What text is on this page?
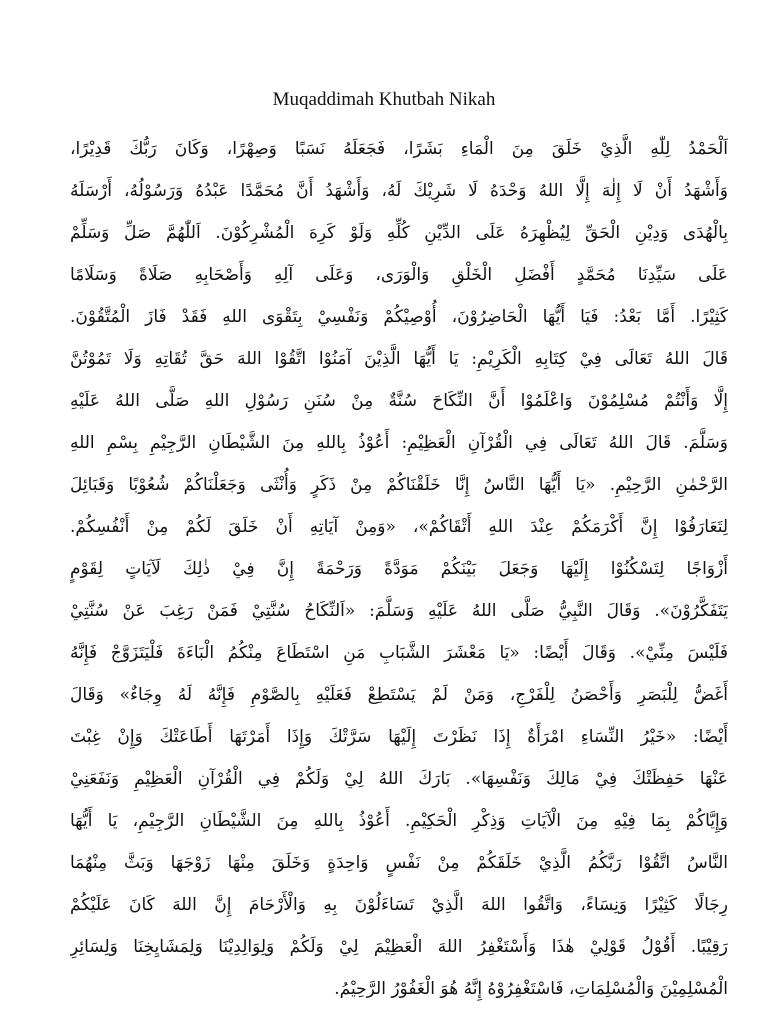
Muqaddimah Khutbah Nikah
اَلْحَمْدُ لِلّٰهِ الَّذِيْ خَلَقَ مِنَ الْمَاءِ بَشَرًا، فَجَعَلَهُ نَسَبًا وَصِهْرًا، وَكَانَ رَبُّكَ قَدِيْرًا،
وَأَشْهَدُ أَنْ لَا إِلٰهَ إِلَّا اللهُ وَحْدَهُ لَا شَرِيْكَ لَهُ، وَأَشْهَدُ أَنَّ مُحَمَّدًا عَبْدُهُ وَرَسُوْلُهُ، أَرْسَلَهُ
بِالْهُدَى وَدِيْنِ الْحَقِّ لِيُظْهِرَهُ عَلَى الدِّيْنِ كُلِّهِ وَلَوْ كَرِهَ الْمُشْرِكُوْنَ. اَللّٰهُمَّ صَلِّ وَسَلِّمْ
عَلَى سَيِّدِنَا مُحَمَّدٍ أَفْضَلِ الْخَلْقِ وَالْوَرَى، وَعَلَى آلِهِ وَأَصْحَابِهِ صَلَاةً وَسَلَامًا
كَثِيْرًا. أَمَّا بَعْدُ: فَيَا أَيُّهَا الْحَاضِرُوْنَ، أُوْصِيْكُمْ وَنَفْسِيْ بِتَقْوَى اللهِ فَقَدْ فَازَ الْمُتَّقُوْنَ.
قَالَ اللهُ تَعَالَى فِيْ كِتَابِهِ الْكَرِيْمِ: يَا أَيُّهَا الَّذِيْنَ آمَنُوْا اتَّقُوْا اللهَ حَقَّ تُقَاتِهِ وَلَا تَمُوْتُنَّ
إِلَّا وَأَنْتُمْ مُسْلِمُوْنَ وَاعْلَمُوْا أَنَّ النِّكَاحَ سُنَّةٌ مِنْ سُنَنِ رَسُوْلِ اللهِ صَلَّى اللهُ عَلَيْهِ
وَسَلَّمَ. قَالَ اللهُ تَعَالَى فِي الْقُرْآنِ الْعَظِيْمِ: أَعُوْذُ بِاللهِ مِنَ الشَّيْطَانِ الرَّجِيْمِ بِسْمِ اللهِ
الرَّحْمٰنِ الرَّحِيْمِ. «يَا أَيُّهَا النَّاسُ إِنَّا خَلَقْنَاكُمْ مِنْ ذَكَرٍ وَأُنْثَى وَجَعَلْنَاكُمْ شُعُوْبًا وَقَبَائِلَ
لِتَعَارَفُوْا إِنَّ أَكْرَمَكُمْ عِنْدَ اللهِ أَتْقَاكُمْ»، «وَمِنْ آيَاتِهِ أَنْ خَلَقَ لَكُمْ مِنْ أَنْفُسِكُمْ.
أَزْوَاجًا لِتَسْكُنُوْا إِلَيْهَا وَجَعَلَ بَيْنَكُمْ مَوَدَّةً وَرَحْمَةً إِنَّ فِيْ ذٰلِكَ لَآيَاتٍ لِقَوْمٍ
يَتَفَكَّرُوْنَ». وَقَالَ النَّبِيُّ صَلَّى اللهُ عَلَيْهِ وَسَلَّمَ: «اَلنِّكَاحُ سُنَّتِيْ فَمَنْ رَغِبَ عَنْ سُنَّتِيْ
فَلَيْسَ مِنِّيْ». وَقَالَ أَيْضًا: «يَا مَعْشَرَ الشَّبَابِ مَنِ اسْتَطَاعَ مِنْكُمُ الْبَاءَةَ فَلْيَتَزَوَّجْ فَإِنَّهُ
أَغَضُّ لِلْبَصَرِ وَأَحْصَنُ لِلْفَرْجِ، وَمَنْ لَمْ يَسْتَطِعْ فَعَلَيْهِ بِالصَّوْمِ فَإِنَّهُ لَهُ وِجَاءٌ» وَقَالَ
أَيْضًا: «خَيْرُ النِّسَاءِ امْرَأَةٌ إِذَا نَظَرْتَ إِلَيْهَا سَرَّتْكَ وَإِذَا أَمَرْتَهَا أَطَاعَتْكَ وَإِنْ غِبْتَ
عَنْهَا حَفِظَتْكَ فِيْ مَالِكَ وَنَفْسِهَا». بَارَكَ اللهُ لِيْ وَلَكُمْ فِي الْقُرْآنِ الْعَظِيْمِ وَنَفَعَنِيْ
وَإِيَّاكُمْ بِمَا فِيْهِ مِنَ الْآيَاتِ وَذِكْرِ الْحَكِيْمِ. أَعُوْذُ بِاللهِ مِنَ الشَّيْطَانِ الرَّجِيْمِ، يَا أَيُّهَا
النَّاسُ اتَّقُوْا رَبَّكُمُ الَّذِيْ خَلَقَكُمْ مِنْ نَفْسٍ وَاحِدَةٍ وَخَلَقَ مِنْهَا زَوْجَهَا وَبَثَّ مِنْهُمَا
رِجَالًا كَثِيْرًا وَنِسَاءً، وَاتَّقُوا اللهَ الَّذِيْ تَسَاءَلُوْنَ بِهِ وَالْأَرْحَامَ إِنَّ اللهَ كَانَ عَلَيْكُمْ
رَقِيْبًا. أَقُوْلُ قَوْلِيْ هٰذَا وَأَسْتَغْفِرُ اللهَ الْعَظِيْمَ لِيْ وَلَكُمْ وَلِوَالِدِيْنَا وَلِمَشَايِخِنَا وَلِسَائِرِ
الْمُسْلِمِيْنَ وَالْمُسْلِمَاتِ، فَاسْتَغْفِرُوْهُ إِنَّهُ هُوَ الْغَفُوْرُ الرَّحِيْمُ.
